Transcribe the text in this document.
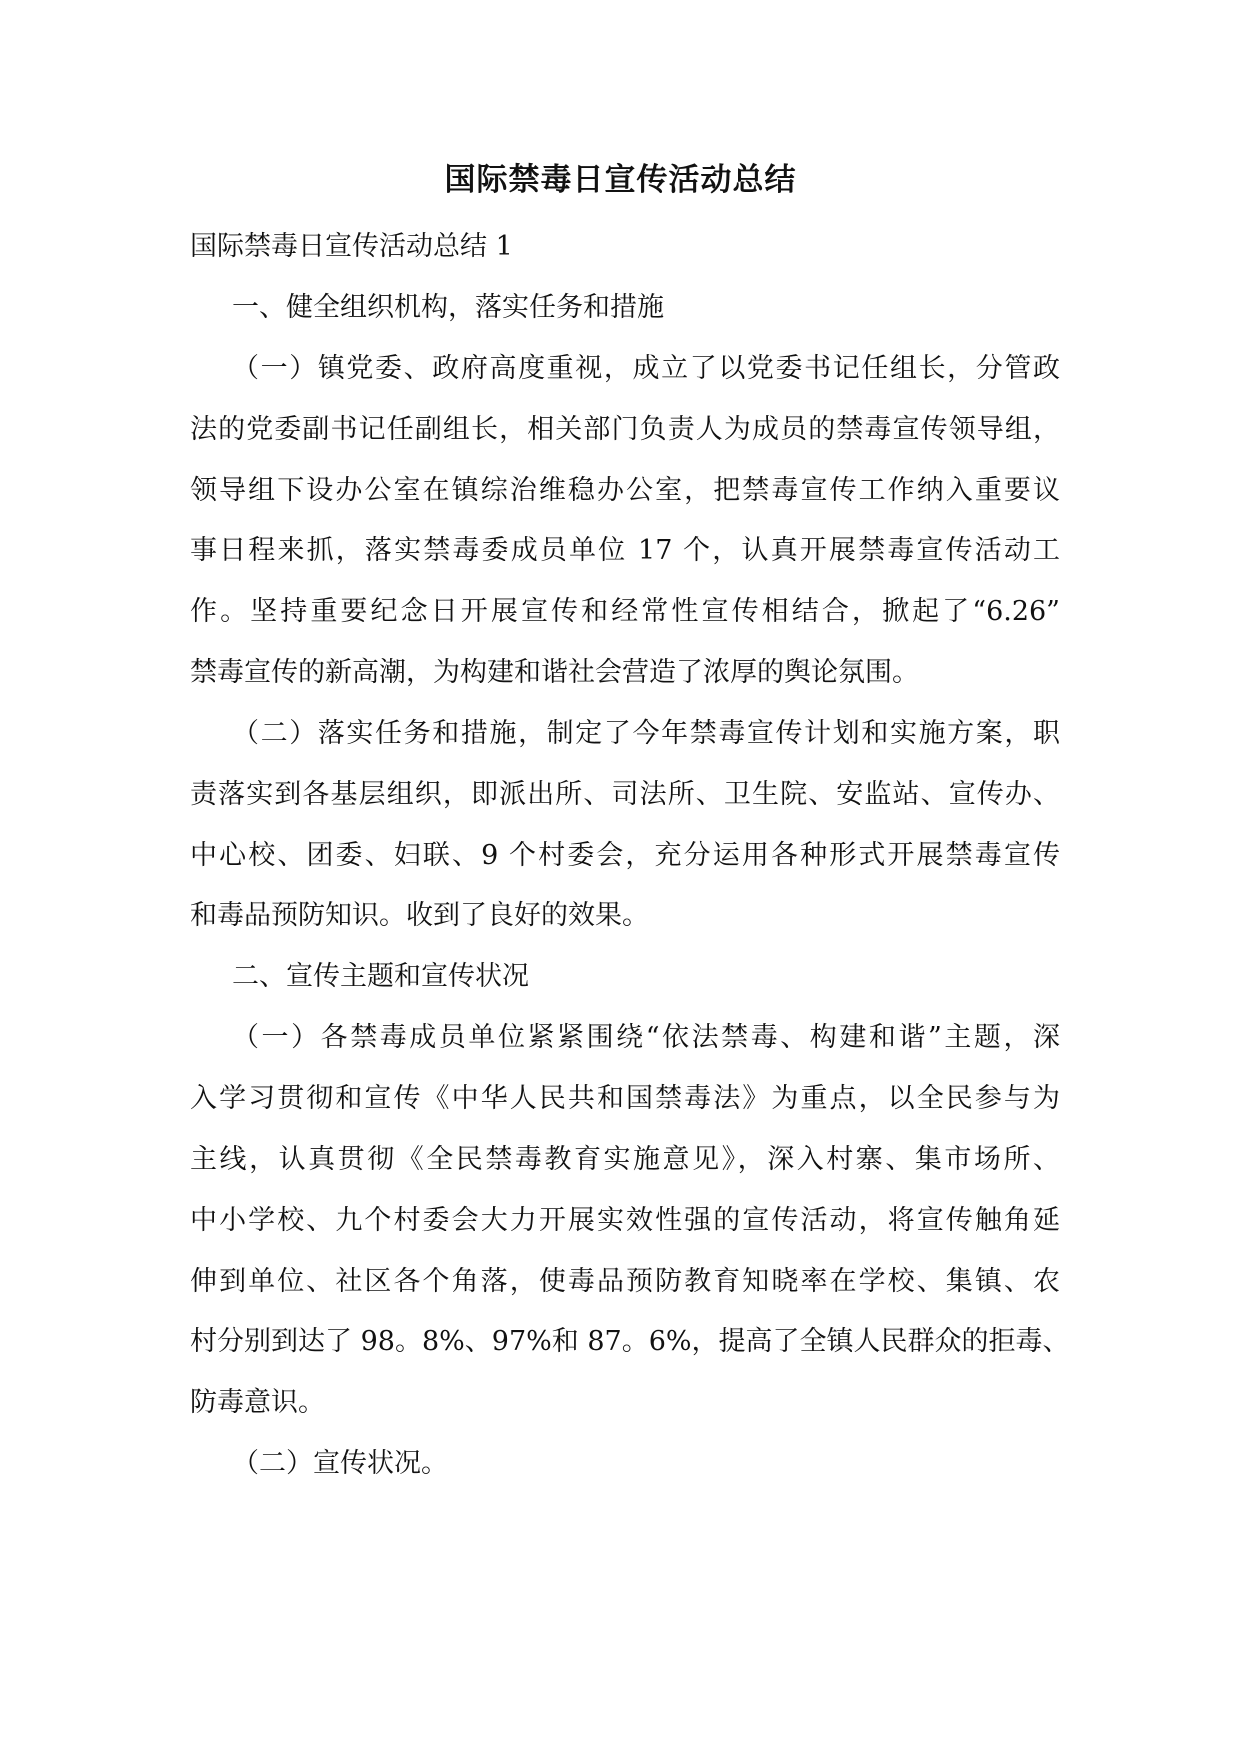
国际禁毒日宣传活动总结

国际禁毒日宣传活动总结 1

一、健全组织机构，落实任务和措施

（一）镇党委、政府高度重视，成立了以党委书记任组长，分管政

法的党委副书记任副组长，相关部门负责人为成员的禁毒宣传领导组，

领导组下设办公室在镇综治维稳办公室，把禁毒宣传工作纳入重要议

事日程来抓，落实禁毒委成员单位 17 个，认真开展禁毒宣传活动工

作。坚持重要纪念日开展宣传和经常性宣传相结合，掀起了“6.26”

禁毒宣传的新高潮，为构建和谐社会营造了浓厚的舆论氛围。

（二）落实任务和措施，制定了今年禁毒宣传计划和实施方案，职

责落实到各基层组织，即派出所、司法所、卫生院、安监站、宣传办、

中心校、团委、妇联、9 个村委会，充分运用各种形式开展禁毒宣传

和毒品预防知识。收到了良好的效果。

二、宣传主题和宣传状况

（一）各禁毒成员单位紧紧围绕“依法禁毒、构建和谐”主题，深

入学习贯彻和宣传《中华人民共和国禁毒法》为重点，以全民参与为

主线，认真贯彻《全民禁毒教育实施意见》，深入村寨、集市场所、

中小学校、九个村委会大力开展实效性强的宣传活动，将宣传触角延

伸到单位、社区各个角落，使毒品预防教育知晓率在学校、集镇、农

村分别到达了 98。8%、97%和 87。6%，提高了全镇人民群众的拒毒、

防毒意识。

（二）宣传状况。
